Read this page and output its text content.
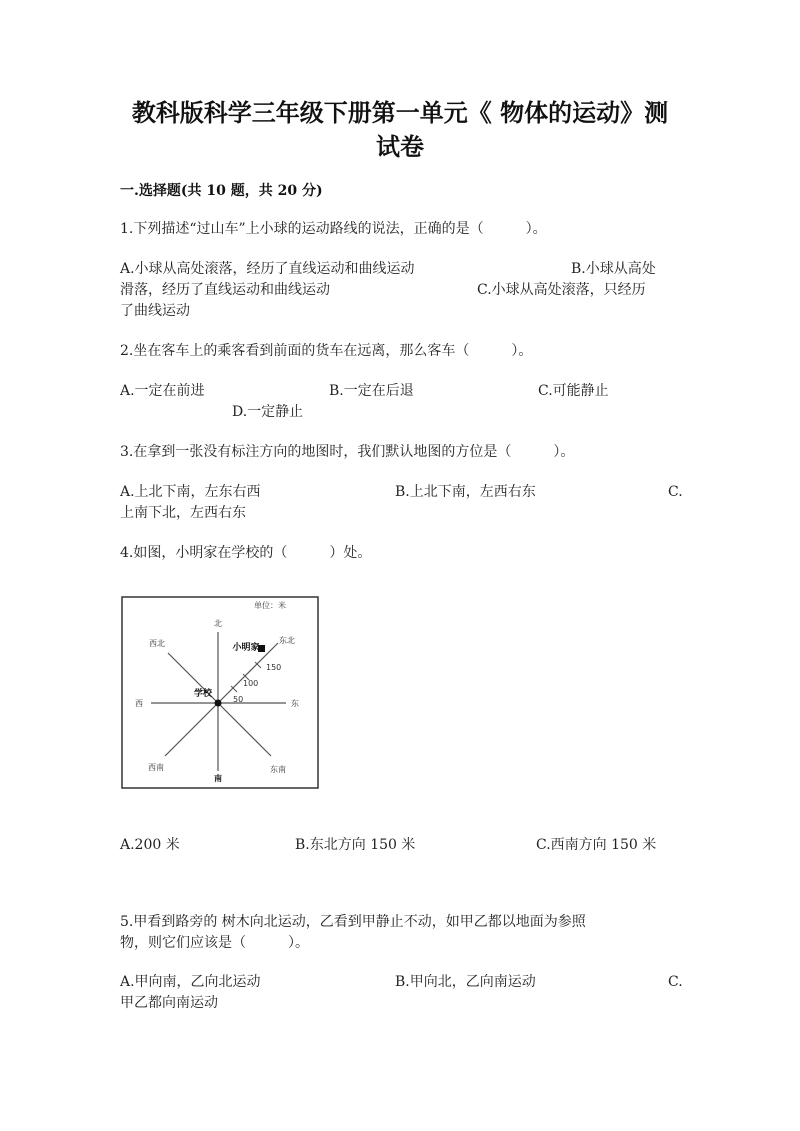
教科版科学三年级下册第一单元《 物体的运动》测
试卷
一.选择题(共 10 题，共 20 分)
1.下列描述“过山车”上小球的运动路线的说法，正确的是（　　　）。
A.小球从高处滚落，经历了直线运动和曲线运动	B.小球从高处
滑落，经历了直线运动和曲线运动	C.小球从高处滚落，只经历
了曲线运动
2.坐在客车上的乘客看到前面的货车在远离，那么客车（　　　）。
A.一定在前进	B.一定在后退	C.可能静止
D.一定静止
3.在拿到一张没有标注方向的地图时，我们默认地图的方位是（　　　）。
A.上北下南，左东右西	B.上北下南，左西右东	C.
上南下北，左西右东
4.如图，小明家在学校的（　　　）处。
单位：米
北
南
东
西
东北
西北
东南
西南
小明家
学校
150
100
50
A.200 米	B.东北方向 150 米	C.西南方向 150 米
5.甲看到路旁的 树木向北运动，乙看到甲静止不动，如甲乙都以地面为参照
物，则它们应该是（　　　）。
A.甲向南，乙向北运动	B.甲向北，乙向南运动	C.
甲乙都向南运动
